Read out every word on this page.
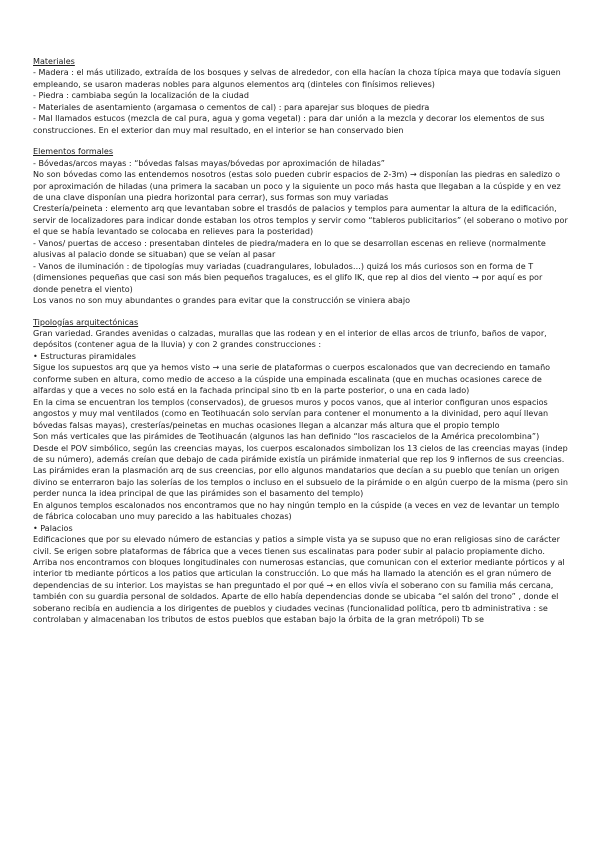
Materiales

- Madera : el más utilizado, extraída de los bosques y selvas de alrededor, con ella hacían la choza típica maya que todavía siguen empleando, se usaron maderas nobles para algunos elementos arq (dinteles con finísimos relieves)

- Piedra : cambiaba según la localización de la ciudad

- Materiales de asentamiento (argamasa o cementos de cal) : para aparejar sus bloques de piedra

- Mal llamados estucos (mezcla de cal pura, agua y goma vegetal) : para dar unión a la mezcla y decorar los elementos de sus construcciones. En el exterior dan muy mal resultado, en el interior se han conservado bien

Elementos formales

- Bóvedas/arcos mayas : “bóvedas falsas mayas/bóvedas por aproximación de hiladas”

No son bóvedas como las entendemos nosotros (estas solo pueden cubrir espacios de 2-3m) → disponían las piedras en saledizo o por aproximación de hiladas (una primera la sacaban un poco y la siguiente un poco más hasta que llegaban a la cúspide y en vez de una clave disponían una piedra horizontal para cerrar), sus formas son muy variadas

Crestería/peineta : elemento arq que levantaban sobre el trasdós de palacios y templos para aumentar la altura de la edificación, servir de localizadores para indicar donde estaban los otros templos y servir como “tableros publicitarios” (el soberano o motivo por el que se había levantado se colocaba en relieves para la posteridad)

- Vanos/ puertas de acceso : presentaban dinteles de piedra/madera en lo que se desarrollan escenas en relieve (normalmente alusivas al palacio donde se situaban) que se veían al pasar

- Vanos de iluminación : de tipologías muy variadas (cuadrangulares, lobulados…) quizá los más curiosos son en forma de T (dimensiones pequeñas que casi son más bien pequeños tragaluces, es el glifo IK, que rep al dios del viento → por aquí es por donde penetra el viento)

Los vanos no son muy abundantes o grandes para evitar que la construcción se viniera abajo

Tipologías arquitectónicas

Gran variedad. Grandes avenidas o calzadas, murallas que las rodean y en el interior de ellas arcos de triunfo, baños de vapor, depósitos (contener agua de la lluvia) y con 2 grandes construcciones :

• Estructuras piramidales

Sigue los supuestos arq que ya hemos visto → una serie de plataformas o cuerpos escalonados que van decreciendo en tamaño conforme suben en altura, como medio de acceso a la cúspide una empinada escalinata (que en muchas ocasiones carece de alfardas y que a veces no solo está en la fachada principal sino tb en la parte posterior, o una en cada lado)

En la cima se encuentran los templos (conservados), de gruesos muros y pocos vanos, que al interior configuran unos espacios angostos y muy mal ventilados (como en Teotihuacán solo servían para contener el monumento a la divinidad, pero aquí llevan bóvedas falsas mayas), cresterías/peinetas en muchas ocasiones llegan a alcanzar más altura que el propio templo

Son más verticales que las pirámides de Teotihuacán (algunos las han definido “los rascacielos de la América precolombina”)

Desde el POV simbólico, según las creencias mayas, los cuerpos escalonados simbolizan los 13 cielos de las creencias mayas (indep de su número), además creían que debajo de cada pirámide existía un pirámide inmaterial que rep los 9 infiernos de sus creencias. Las pirámides eran la plasmación arq de sus creencias, por ello algunos mandatarios que decían a su pueblo que tenían un origen divino se enterraron bajo las solerías de los templos o incluso en el subsuelo de la pirámide o en algún cuerpo de la misma (pero sin perder nunca la idea principal de que las pirámides son el basamento del templo)

En algunos templos escalonados nos encontramos que no hay ningún templo en la cúspide (a veces en vez de levantar un templo de fábrica colocaban uno muy parecido a las habituales chozas)

• Palacios

Edificaciones que por su elevado número de estancias y patios a simple vista ya se supuso que no eran religiosas sino de carácter civil. Se erigen sobre plataformas de fábrica que a veces tienen sus escalinatas para poder subir al palacio propiamente dicho. Arriba nos encontramos con bloques longitudinales con numerosas estancias, que comunican con el exterior mediante pórticos y al interior tb mediante pórticos a los patios que articulan la construcción. Lo que más ha llamado la atención es el gran número de dependencias de su interior. Los mayistas se han preguntado el por qué → en ellos vivía el soberano con su familia más cercana, también con su guardia personal de soldados. Aparte de ello había dependencias donde se ubicaba “el salón del trono” , donde el soberano recibía en audiencia a los dirigentes de pueblos y ciudades vecinas (funcionalidad política, pero tb administrativa : se controlaban y almacenaban los tributos de estos pueblos que estaban bajo la órbita de la gran metrópoli) Tb se
